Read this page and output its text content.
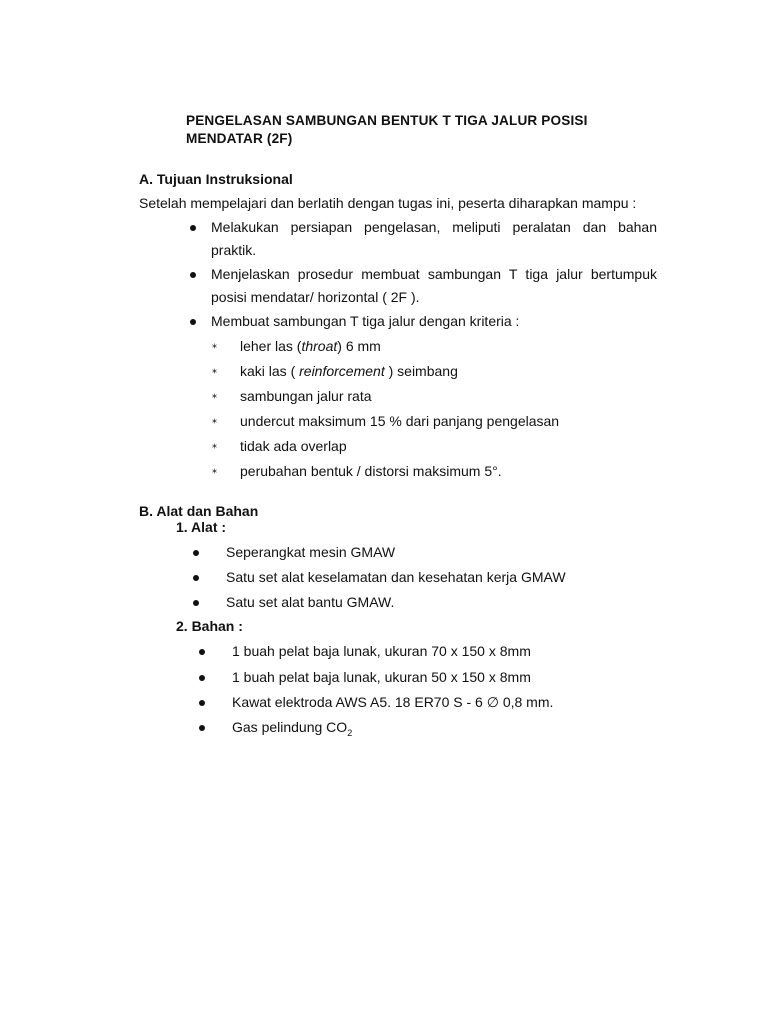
PENGELASAN SAMBUNGAN BENTUK T TIGA JALUR POSISI
MENDATAR (2F)
A. Tujuan Instruksional
Setelah mempelajari dan berlatih dengan tugas ini, peserta diharapkan mampu :
Melakukan persiapan pengelasan, meliputi peralatan dan bahan
praktik.
Menjelaskan prosedur membuat sambungan T tiga jalur bertumpuk
posisi mendatar/ horizontal ( 2F ).
Membuat sambungan T tiga jalur dengan kriteria :
⁎ leher las (throat) 6 mm
⁎ kaki las ( reinforcement ) seimbang
⁎ sambungan jalur rata
⁎ undercut maksimum 15 % dari panjang pengelasan
⁎ tidak ada overlap
⁎ perubahan bentuk / distorsi maksimum 5°.
B. Alat dan Bahan
1. Alat :
Seperangkat mesin GMAW
Satu set alat keselamatan dan kesehatan kerja GMAW
Satu set alat bantu GMAW.
2. Bahan :
1 buah pelat baja lunak, ukuran 70 x 150 x 8mm
1 buah pelat baja lunak, ukuran 50 x 150 x 8mm
Kawat elektroda AWS A5. 18 ER70 S - 6 ∅ 0,8 mm.
Gas pelindung $CO_2$
